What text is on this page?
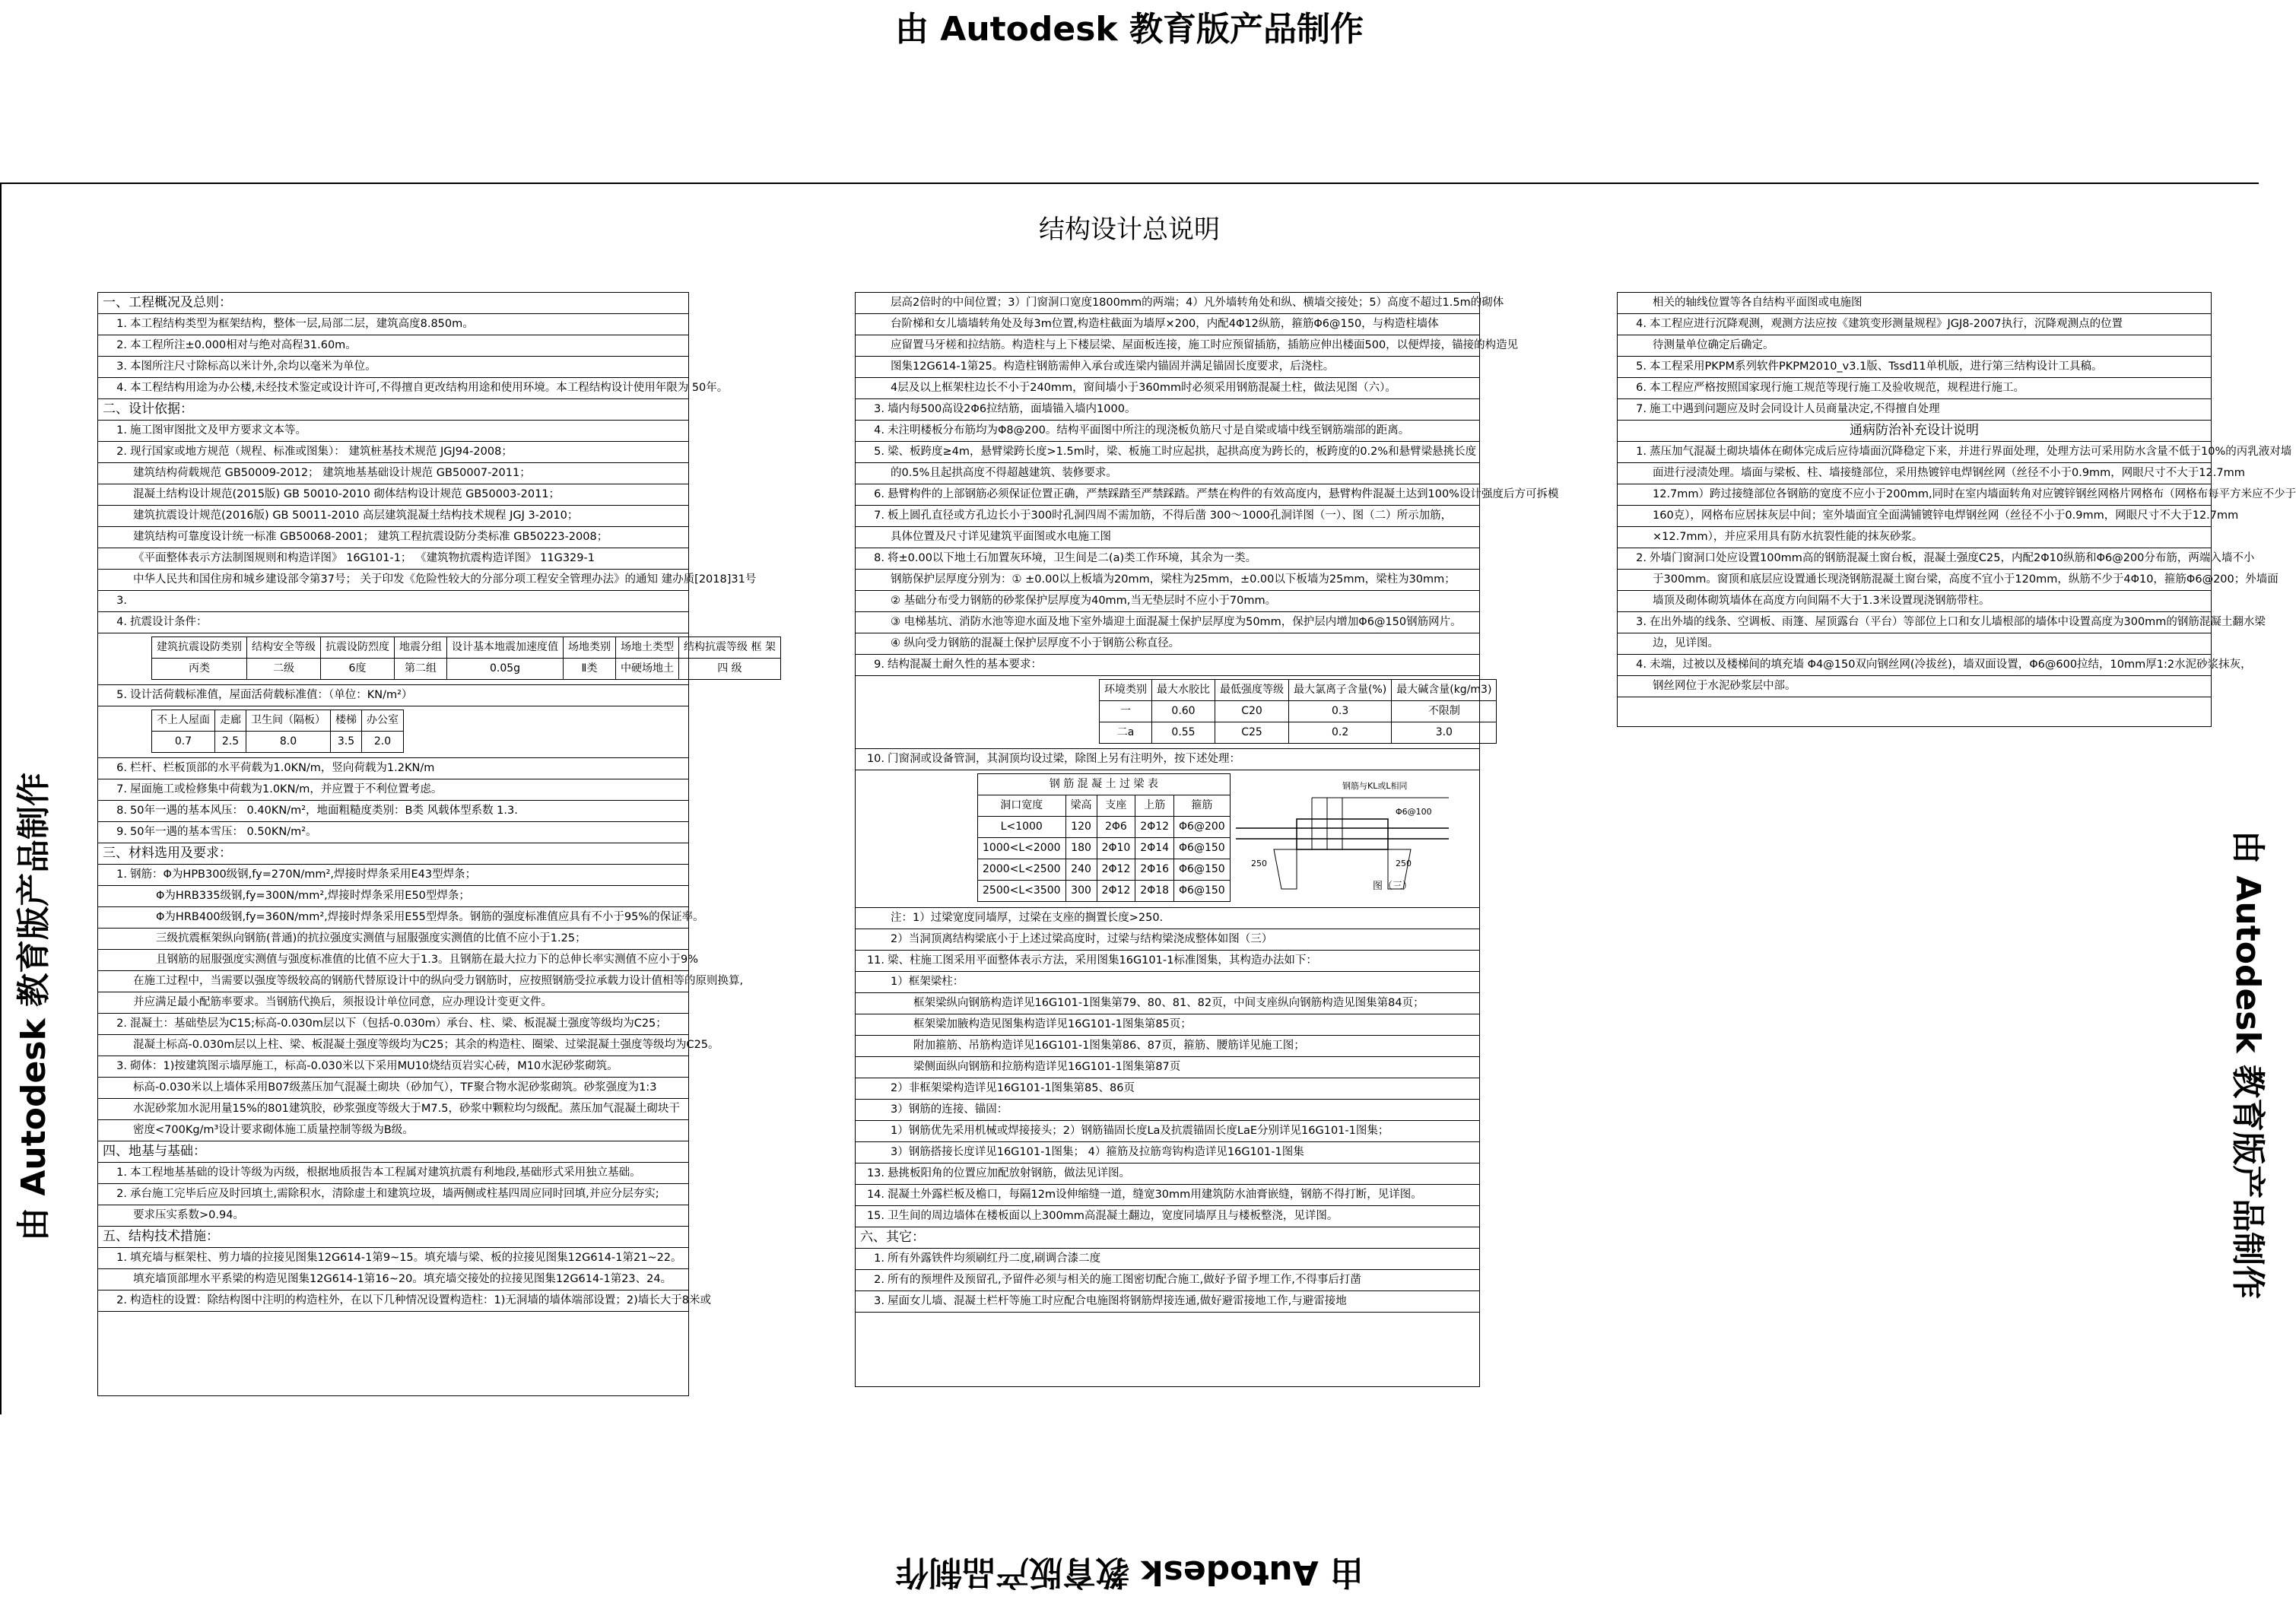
由 Autodesk 教育版产品制作
由 Autodesk 教育版产品制作
由 Autodesk 教育版产品制作	由 Autodesk 教育版产品制作
结构设计总说明
一、工程概况及总则：
1. 本工程结构类型为框架结构，整体一层,局部二层，建筑高度8.850m。
2. 本工程所注±0.000相对与绝对高程31.60m。
3. 本图所注尺寸除标高以米计外,余均以毫米为单位。
4. 本工程结构用途为办公楼,未经技术鉴定或设计许可,不得擅自更改结构用途和使用环境。本工程结构设计使用年限为 50年。
二、设计依据：
1. 施工图审图批文及甲方要求文本等。
2. 现行国家或地方规范（规程、标准或图集）： 建筑桩基技术规范 JGJ94-2008；
建筑结构荷载规范 GB50009-2012； 建筑地基基础设计规范 GB50007-2011；
混凝土结构设计规范(2015版) GB 50010-2010 砌体结构设计规范 GB50003-2011；
建筑抗震设计规范(2016版) GB 50011-2010 高层建筑混凝土结构技术规程 JGJ 3-2010；
建筑结构可靠度设计统一标准 GB50068-2001； 建筑工程抗震设防分类标准 GB50223-2008；
《平面整体表示方法制图规则和构造详图》 16G101-1； 《建筑物抗震构造详图》 11G329-1
中华人民共和国住房和城乡建设部令第37号； 关于印发《危险性较大的分部分项工程安全管理办法》的通知 建办质[2018]31号
3.
4. 抗震设计条件：
建筑抗震设防类别	结构安全等级	抗震设防烈度	地震分组	设计基本地震加速度值	场地类别	场地土类型	结构抗震等级 框 架
丙类	二级	6度	第二组	0.05g	Ⅱ类	中硬场地土	四 级
5. 设计活荷载标准值，屋面活荷载标准值：（单位：KN/m²）
不上人屋面	走廊	卫生间（隔板）	楼梯	办公室
0.7	2.5	8.0	3.5	2.0
6. 栏杆、栏板顶部的水平荷载为1.0KN/m，竖向荷载为1.2KN/m
7. 屋面施工或检修集中荷载为1.0KN/m，并应置于不利位置考虑。
8. 50年一遇的基本风压： 0.40KN/m²，地面粗糙度类别：B类 风载体型系数 1.3.
9. 50年一遇的基本雪压： 0.50KN/m²。
三、材料选用及要求：
1. 钢筋：Φ为HPB300级钢,fy=270N/mm²,焊接时焊条采用E43型焊条；
Φ为HRB335级钢,fy=300N/mm²,焊接时焊条采用E50型焊条；
Φ为HRB400级钢,fy=360N/mm²,焊接时焊条采用E55型焊条。钢筋的强度标准值应具有不小于95%的保证率。
三级抗震框架纵向钢筋(普通)的抗拉强度实测值与屈服强度实测值的比值不应小于1.25；
且钢筋的屈服强度实测值与强度标准值的比值不应大于1.3。且钢筋在最大拉力下的总伸长率实测值不应小于9%
在施工过程中，当需要以强度等级较高的钢筋代替原设计中的纵向受力钢筋时，应按照钢筋受拉承载力设计值相等的原则换算,
并应满足最小配筋率要求。当钢筋代换后，须报设计单位同意，应办理设计变更文件。
2. 混凝土：基础垫层为C15;标高-0.030m层以下（包括-0.030m）承台、柱、梁、板混凝土强度等级均为C25；
混凝土标高-0.030m层以上柱、梁、板混凝土强度等级均为C25；其余的构造柱、圈梁、过梁混凝土强度等级均为C25。
3. 砌体：1)按建筑图示墙厚施工，标高-0.030米以下采用MU10烧结页岩实心砖，M10水泥砂浆砌筑。
标高-0.030米以上墙体采用B07级蒸压加气混凝土砌块（砂加气），TF聚合物水泥砂浆砌筑。砂浆强度为1:3
水泥砂浆加水泥用量15%的801建筑胶，砂浆强度等级大于M7.5，砂浆中颗粒均匀级配。蒸压加气混凝土砌块干
密度<700Kg/m³设计要求砌体施工质量控制等级为B级。
四、地基与基础：
1. 本工程地基基础的设计等级为丙级，根据地质报告本工程属对建筑抗震有利地段,基础形式采用独立基础。
2. 承台施工完毕后应及时回填土,需除积水，清除虚土和建筑垃圾，墙两侧或柱基四周应同时回填,并应分层夯实;
要求压实系数>0.94。
五、结构技术措施：
1. 填充墙与框架柱、剪力墙的拉接见图集12G614-1第9~15。填充墙与梁、板的拉接见图集12G614-1第21~22。
填充墙顶部埋水平系梁的构造见图集12G614-1第16~20。填充墙交接处的拉接见图集12G614-1第23、24。
2. 构造柱的设置：除结构图中注明的构造柱外，在以下几种情况设置构造柱：1)无洞墙的墙体端部设置；2)墙长大于8米或
层高2倍时的中间位置；3）门窗洞口宽度1800mm的两端；4）凡外墙转角处和纵、横墙交接处；5）高度不超过1.5m的砌体
台阶梯和女儿墙墙转角处及每3m位置,构造柱截面为墙厚×200，内配4Φ12纵筋，箍筋Φ6@150，与构造柱墙体
应留置马牙槎和拉结筋。构造柱与上下楼层梁、屋面板连接，施工时应预留插筋，插筋应伸出楼面500，以便焊接，锚接的构造见
图集12G614-1第25。构造柱钢筋需伸入承台或连梁内锚固并满足锚固长度要求，后浇柱。
4层及以上框架柱边长不小于240mm，窗间墙小于360mm时必须采用钢筋混凝土柱，做法见图（六）。
3. 墙内每500高设2Φ6拉结筋，面墙锚入墙内1000。
4. 未注明楼板分布筋均为Φ8@200。结构平面图中所注的现浇板负筋尺寸是自梁或墙中线至钢筋端部的距离。
5. 梁、板跨度≥4m，悬臂梁跨长度>1.5m时，梁、板施工时应起拱，起拱高度为跨长的，板跨度的0.2%和悬臂梁悬挑长度
的0.5%且起拱高度不得超越建筑、装修要求。
6. 悬臂构件的上部钢筋必须保证位置正确，严禁踩踏至严禁踩踏。严禁在构件的有效高度内，悬臂构件混凝土达到100%设计强度后方可拆模
7. 板上圆孔直径或方孔边长小于300时孔洞四周不需加筋，不得后凿 300～1000孔洞详图（一）、图（二）所示加筋，
具体位置及尺寸详见建筑平面图或水电施工图
8. 将±0.00以下地土石加置灰环境，卫生间是二(a)类工作环境，其余为一类。
钢筋保护层厚度分别为：① ±0.00以上板墙为20mm，梁柱为25mm，±0.00以下板墙为25mm，梁柱为30mm；
② 基础分布受力钢筋的砂浆保护层厚度为40mm,当无垫层时不应小于70mm。
③ 电梯基坑、消防水池等迎水面及地下室外墙迎土面混凝土保护层厚度为50mm，保护层内增加Φ6@150钢筋网片。
④ 纵向受力钢筋的混凝土保护层厚度不小于钢筋公称直径。
9. 结构混凝土耐久性的基本要求：
环境类别	最大水胶比	最低强度等级	最大氯离子含量(%)	最大碱含量(kg/m3)
一	0.60	C20	0.3	不限制
二a	0.55	C25	0.2	3.0
10. 门窗洞或设备管洞，其洞顶均设过梁，除图上另有注明外，按下述处理：
钢 筋 混 凝 土 过 梁 表				
洞口宽度	梁高	支座	上筋	箍筋
L<1000	120	2Φ6	2Φ12	Φ6@200
1000<L<2000	180	2Φ10	2Φ14	Φ6@150
2000<L<2500	240	2Φ12	2Φ16	Φ6@150
2500<L<3500	300	2Φ12	2Φ18	Φ6@150
钢筋与KL或L相同
Φ6@100
250	250
图（三）
注：1）过梁宽度同墙厚，过梁在支座的搁置长度>250.
2）当洞顶离结构梁底小于上述过梁高度时，过梁与结构梁浇成整体如图（三）
11. 梁、柱施工图采用平面整体表示方法，采用图集16G101-1标准图集，其构造办法如下：
1）框架梁柱：
框架梁纵向钢筋构造详见16G101-1图集第79、80、81、82页，中间支座纵向钢筋构造见图集第84页；
框架梁加腋构造见图集构造详见16G101-1图集第85页；
附加箍筋、吊筋构造详见16G101-1图集第86、87页，箍筋、腰筋详见施工图；
梁侧面纵向钢筋和拉筋构造详见16G101-1图集第87页
2）非框架梁构造详见16G101-1图集第85、86页
3）钢筋的连接、锚固：
1）钢筋优先采用机械或焊接接头；2）钢筋锚固长度La及抗震锚固长度LaE分别详见16G101-1图集；
3）钢筋搭接长度详见16G101-1图集； 4）箍筋及拉筋弯钩构造详见16G101-1图集
13. 悬挑板阳角的位置应加配放射钢筋，做法见详图。
14. 混凝土外露栏板及檐口，每隔12m设伸缩缝一道，缝宽30mm用建筑防水油膏嵌缝，钢筋不得打断，见详图。
15. 卫生间的周边墙体在楼板面以上300mm高混凝土翻边，宽度同墙厚且与楼板整浇，见详图。
六、其它：
1. 所有外露铁件均须刷红丹二度,刷调合漆二度
2. 所有的预埋件及预留孔,予留件必须与相关的施工图密切配合施工,做好予留予埋工作,不得事后打凿
3. 屋面女儿墙、混凝土栏杆等施工时应配合电施图将钢筋焊接连通,做好避雷接地工作,与避雷接地
相关的轴线位置等各自结构平面图或电施图
4. 本工程应进行沉降观测，观测方法应按《建筑变形测量规程》JGJ8-2007执行，沉降观测点的位置
待测量单位确定后确定。
5. 本工程采用PKPM系列软件PKPM2010_v3.1版、Tssd11单机版，进行第三结构设计工具稿。
6. 本工程应严格按照国家现行施工规范等现行施工及验收规范，规程进行施工。
7. 施工中遇到问题应及时会同设计人员商量决定,不得擅自处理
通病防治补充设计说明
1. 蒸压加气混凝土砌块墙体在砌体完成后应待墙面沉降稳定下来，并进行界面处理，处理方法可采用防水含量不低于10%的丙乳液对墙
面进行浸渍处理。墙面与梁板、柱、墙接缝部位，采用热镀锌电焊钢丝网（丝径不小于0.9mm，网眼尺寸不大于12.7mm
12.7mm）跨过接缝部位各钢筋的宽度不应小于200mm,同时在室内墙面转角对应镀锌钢丝网格片网格布（网格布每平方米应不少于
160克），网格布应居抹灰层中间；室外墙面宜全面满铺镀锌电焊钢丝网（丝径不小于0.9mm，网眼尺寸不大于12.7mm
×12.7mm），并应采用具有防水抗裂性能的抹灰砂浆。
2. 外墙门窗洞口处应设置100mm高的钢筋混凝土窗台板，混凝土强度C25，内配2Φ10纵筋和Φ6@200分布筋，两端入墙不小
于300mm。窗顶和底层应设置通长现浇钢筋混凝土窗台梁，高度不宜小于120mm，纵筋不少于4Φ10，箍筋Φ6@200；外墙面
墙顶及砌体砌筑墙体在高度方向间隔不大于1.3米设置现浇钢筋带柱。
3. 在出外墙的线条、空调板、雨篷、屋顶露台（平台）等部位上口和女儿墙根部的墙体中设置高度为300mm的钢筋混凝土翻水梁
边，见详图。
4. 未端，过被以及楼梯间的填充墙 Φ4@150双向钢丝网(冷拔丝)，墙双面设置，Φ6@600拉结，10mm厚1:2水泥砂浆抹灰，
钢丝网位于水泥砂浆层中部。
